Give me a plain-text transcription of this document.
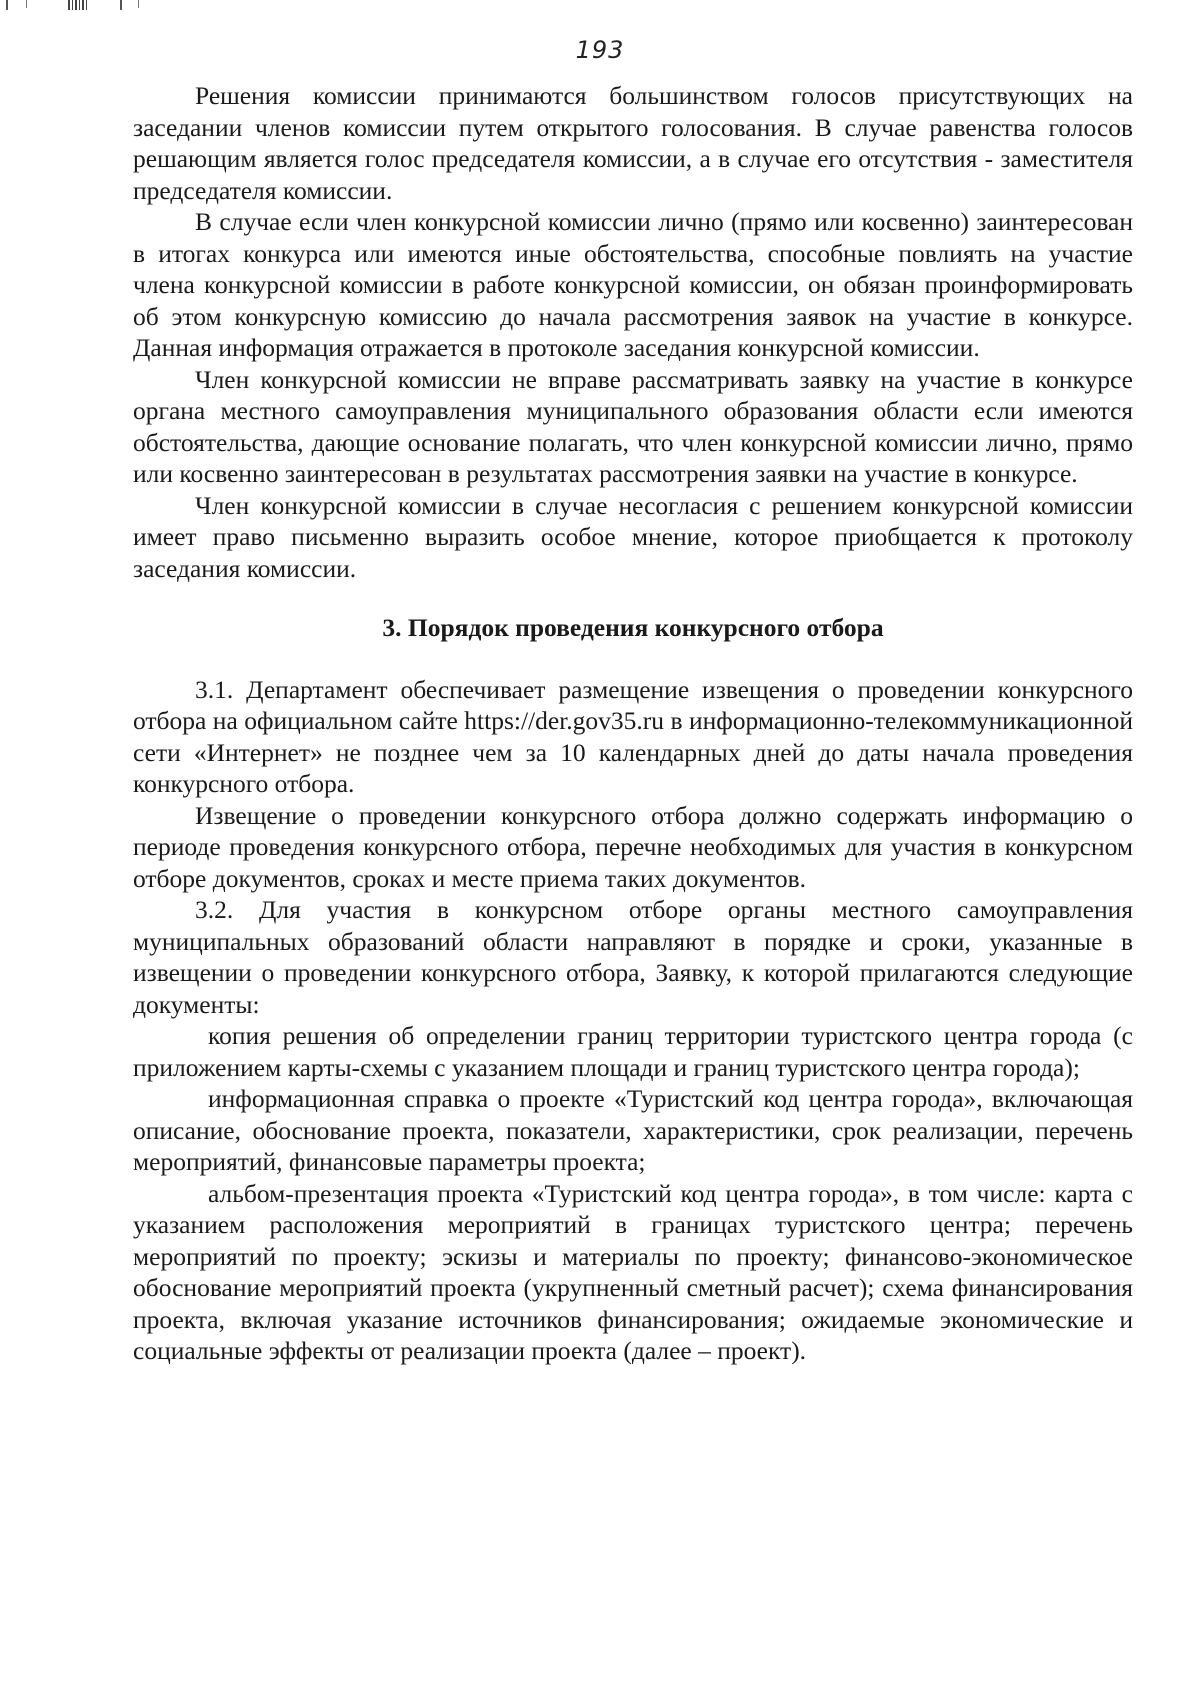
193

Решения комиссии принимаются большинством голосов присутствующих на заседании членов комиссии путем открытого голосования. В случае равенства голосов решающим является голос председателя комиссии, а в случае его отсутствия - заместителя председателя комиссии.

В случае если член конкурсной комиссии лично (прямо или косвенно) заинтересован в итогах конкурса или имеются иные обстоятельства, способные повлиять на участие члена конкурсной комиссии в работе конкурсной комиссии, он обязан проинформировать об этом конкурсную комиссию до начала рассмотрения заявок на участие в конкурсе. Данная информация отражается в протоколе заседания конкурсной комиссии.

Член конкурсной комиссии не вправе рассматривать заявку на участие в конкурсе органа местного самоуправления муниципального образования области если имеются обстоятельства, дающие основание полагать, что член конкурсной комиссии лично, прямо или косвенно заинтересован в результатах рассмотрения заявки на участие в конкурсе.

Член конкурсной комиссии в случае несогласия с решением конкурсной комиссии имеет право письменно выразить особое мнение, которое приобщается к протоколу заседания комиссии.

3. Порядок проведения конкурсного отбора

3.1. Департамент обеспечивает размещение извещения о проведении конкурсного отбора на официальном сайте https://der.gov35.ru в информационно-телекоммуникационной сети «Интернет» не позднее чем за 10 календарных дней до даты начала проведения конкурсного отбора.

Извещение о проведении конкурсного отбора должно содержать информацию о периоде проведения конкурсного отбора, перечне необходимых для участия в конкурсном отборе документов, сроках и месте приема таких документов.

3.2. Для участия в конкурсном отборе органы местного самоуправления муниципальных образований области направляют в порядке и сроки, указанные в извещении о проведении конкурсного отбора, Заявку, к которой прилагаются следующие документы:

копия решения об определении границ территории туристского центра города (с приложением карты-схемы с указанием площади и границ туристского центра города);

информационная справка о проекте «Туристский код центра города», включающая описание, обоснование проекта, показатели, характеристики, срок реализации, перечень мероприятий, финансовые параметры проекта;

альбом-презентация проекта «Туристский код центра города», в том числе: карта с указанием расположения мероприятий в границах туристского центра; перечень мероприятий по проекту; эскизы и материалы по проекту; финансово-экономическое обоснование мероприятий проекта (укрупненный сметный расчет); схема финансирования проекта, включая указание источников финансирования; ожидаемые экономические и социальные эффекты от реализации проекта (далее – проект).
